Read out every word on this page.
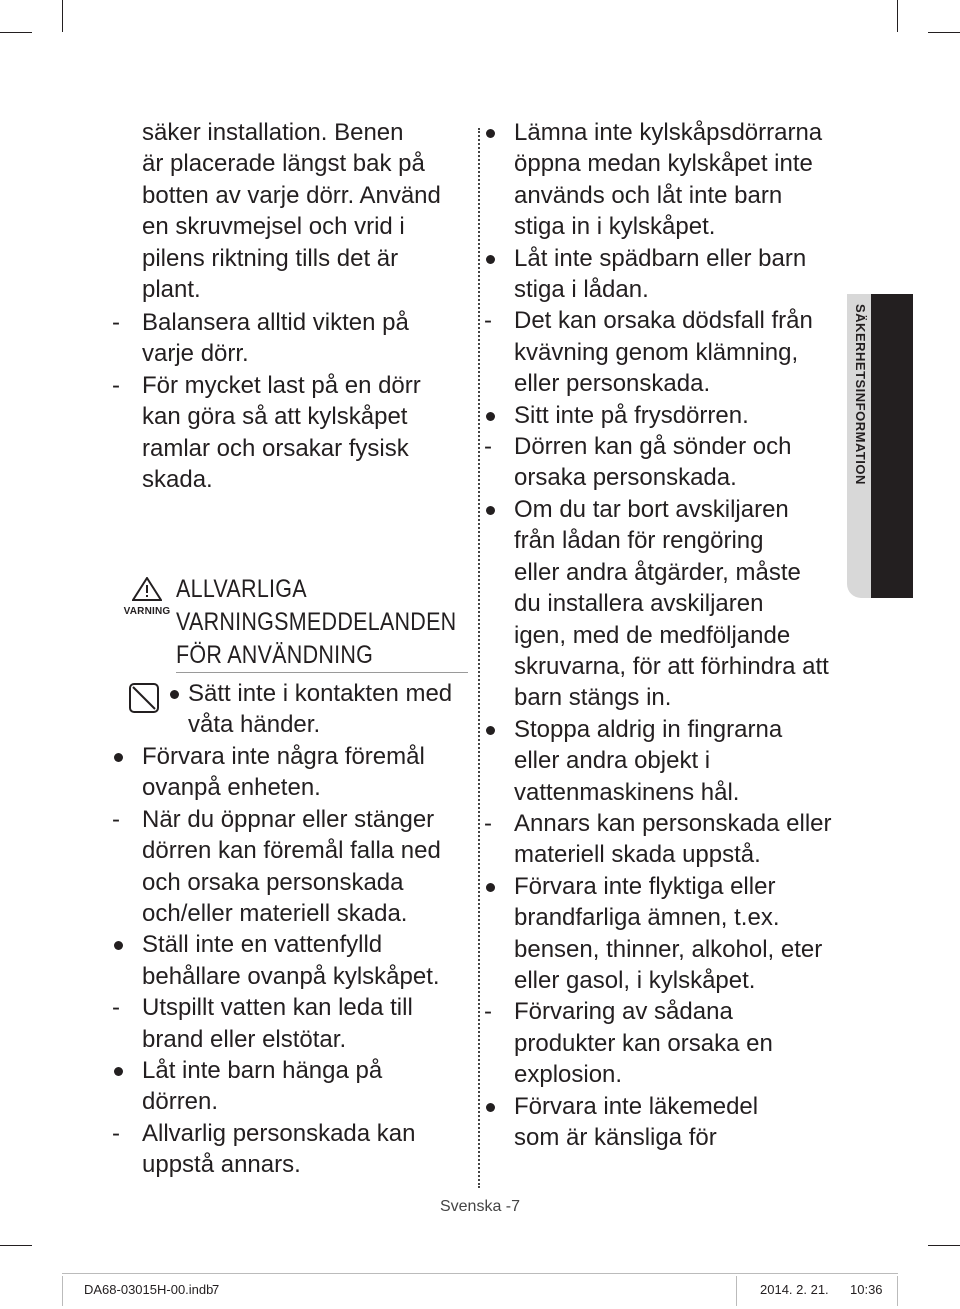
säker installation. Benen
är placerade längst bak på
botten av varje dörr. Använd
en skruvmejsel och vrid i
pilens riktning tills det är
plant.

- Balansera alltid vikten på
varje dörr.

- För mycket last på en dörr
kan göra så att kylskåpet
ramlar och orsakar fysisk
skada.

VARNING
ALLVARLIGA
VARNINGSMEDDELANDEN
FÖR ANVÄNDNING

Sätt inte i kontakten med
våta händer.

Förvara inte några föremål
ovanpå enheten.

- När du öppnar eller stänger
dörren kan föremål falla ned
och orsaka personskada
och/eller materiell skada.

Ställ inte en vattenfylld
behållare ovanpå kylskåpet.

- Utspillt vatten kan leda till
brand eller elstötar.

Låt inte barn hänga på
dörren.

- Allvarlig personskada kan
uppstå annars.

Lämna inte kylskåpsdörrarna
öppna medan kylskåpet inte
används och låt inte barn
stiga in i kylskåpet.

Låt inte spädbarn eller barn
stiga i lådan.

- Det kan orsaka dödsfall från
kvävning genom klämning,
eller personskada.

Sitt inte på frysdörren.

- Dörren kan gå sönder och
orsaka personskada.

Om du tar bort avskiljaren
från lådan för rengöring
eller andra åtgärder, måste
du installera avskiljaren
igen, med de medföljande
skruvarna, för att förhindra att
barn stängs in.

Stoppa aldrig in fingrarna
eller andra objekt i
vattenmaskinens hål.

- Annars kan personskada eller
materiell skada uppstå.

Förvara inte flyktiga eller
brandfarliga ämnen, t.ex.
bensen, thinner, alkohol, eter
eller gasol, i kylskåpet.

- Förvaring av sådana
produkter kan orsaka en
explosion.

Förvara inte läkemedel
som är känsliga för

SÄKERHETSINFORMATION
Svenska -7
DA68-03015H-00.indb
7	2014. 2. 21. 10:36
